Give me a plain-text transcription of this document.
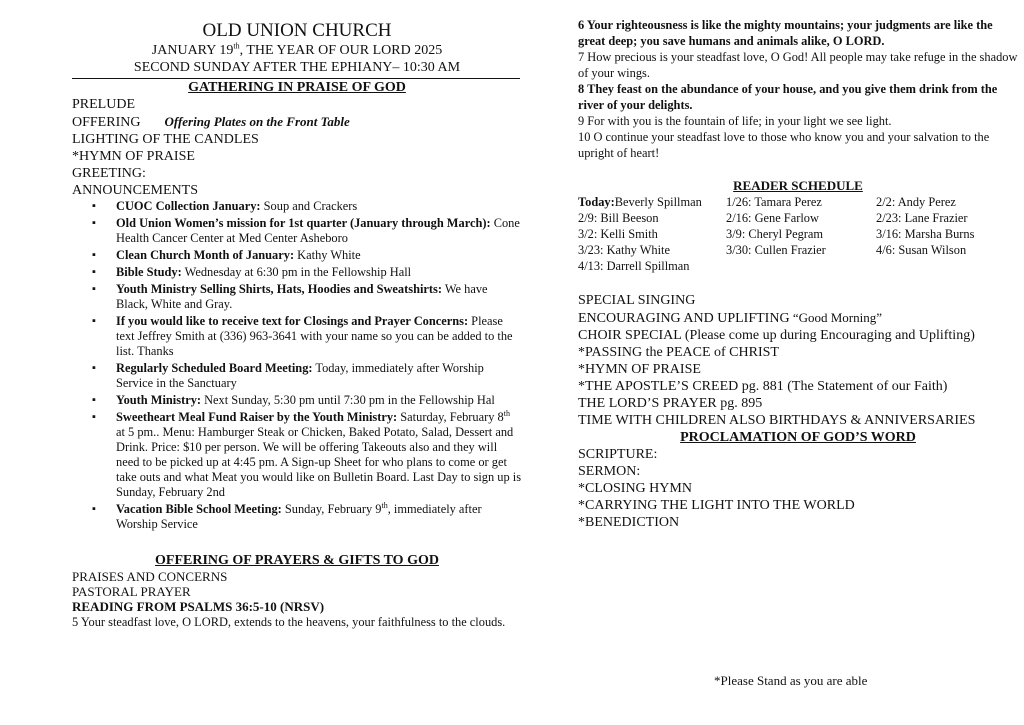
OLD UNION CHURCH
JANUARY 19th, THE YEAR OF OUR LORD 2025
SECOND SUNDAY AFTER THE EPHIANY– 10:30 AM
GATHERING IN PRAISE OF GOD
PRELUDE
OFFERING Offering Plates on the Front Table
LIGHTING OF THE CANDLES
*HYMN OF PRAISE
GREETING:
ANNOUNCEMENTS
▪ CUOC Collection January: Soup and Crackers
▪ Old Union Women’s mission for 1st quarter (January through March): Cone Health Cancer Center at Med Center Asheboro
▪ Clean Church Month of January: Kathy White
▪ Bible Study: Wednesday at 6:30 pm in the Fellowship Hall
▪ Youth Ministry Selling Shirts, Hats, Hoodies and Sweatshirts: We have Black, White and Gray.
▪ If you would like to receive text for Closings and Prayer Concerns: Please text Jeffrey Smith at (336) 963-3641 with your name so you can be added to the list. Thanks
▪ Regularly Scheduled Board Meeting: Today, immediately after Worship Service in the Sanctuary
▪ Youth Ministry: Next Sunday, 5:30 pm until 7:30 pm in the Fellowship Hal
▪ Sweetheart Meal Fund Raiser by the Youth Ministry: Saturday, February 8th at 5 pm.. Menu: Hamburger Steak or Chicken, Baked Potato, Salad, Dessert and Drink. Price: $10 per person. We will be offering Takeouts also and they will need to be picked up at 4:45 pm. A Sign-up Sheet for who plans to come or get take outs and what Meat you would like on Bulletin Board. Last Day to sign up is Sunday, February 2nd
▪ Vacation Bible School Meeting: Sunday, February 9th, immediately after Worship Service
OFFERING OF PRAYERS & GIFTS TO GOD
PRAISES AND CONCERNS
PASTORAL PRAYER
READING FROM PSALMS 36:5-10 (NRSV)
5 Your steadfast love, O LORD, extends to the heavens, your faithfulness to the clouds.
6 Your righteousness is like the mighty mountains; your judgments are like the great deep; you save humans and animals alike, O LORD.
7 How precious is your steadfast love, O God! All people may take refuge in the shadow of your wings.
8 They feast on the abundance of your house, and you give them drink from the river of your delights.
9 For with you is the fountain of life; in your light we see light.
10 O continue your steadfast love to those who know you and your salvation to the upright of heart!
READER SCHEDULE
Today:Beverly Spillman	1/26: Tamara Perez	2/2: Andy Perez
2/9: Bill Beeson	2/16: Gene Farlow	2/23: Lane Frazier
3/2: Kelli Smith	3/9: Cheryl Pegram	3/16: Marsha Burns
3/23: Kathy White	3/30: Cullen Frazier	4/6: Susan Wilson
4/13: Darrell Spillman
SPECIAL SINGING
ENCOURAGING AND UPLIFTING “Good Morning”
CHOIR SPECIAL (Please come up during Encouraging and Uplifting)
*PASSING the PEACE of CHRIST
*HYMN OF PRAISE
*THE APOSTLE’S CREED pg. 881 (The Statement of our Faith)
THE LORD’S PRAYER pg. 895
TIME WITH CHILDREN ALSO BIRTHDAYS & ANNIVERSARIES
PROCLAMATION OF GOD’S WORD
SCRIPTURE:
SERMON:
*CLOSING HYMN
*CARRYING THE LIGHT INTO THE WORLD
*BENEDICTION
*Please Stand as you are able
